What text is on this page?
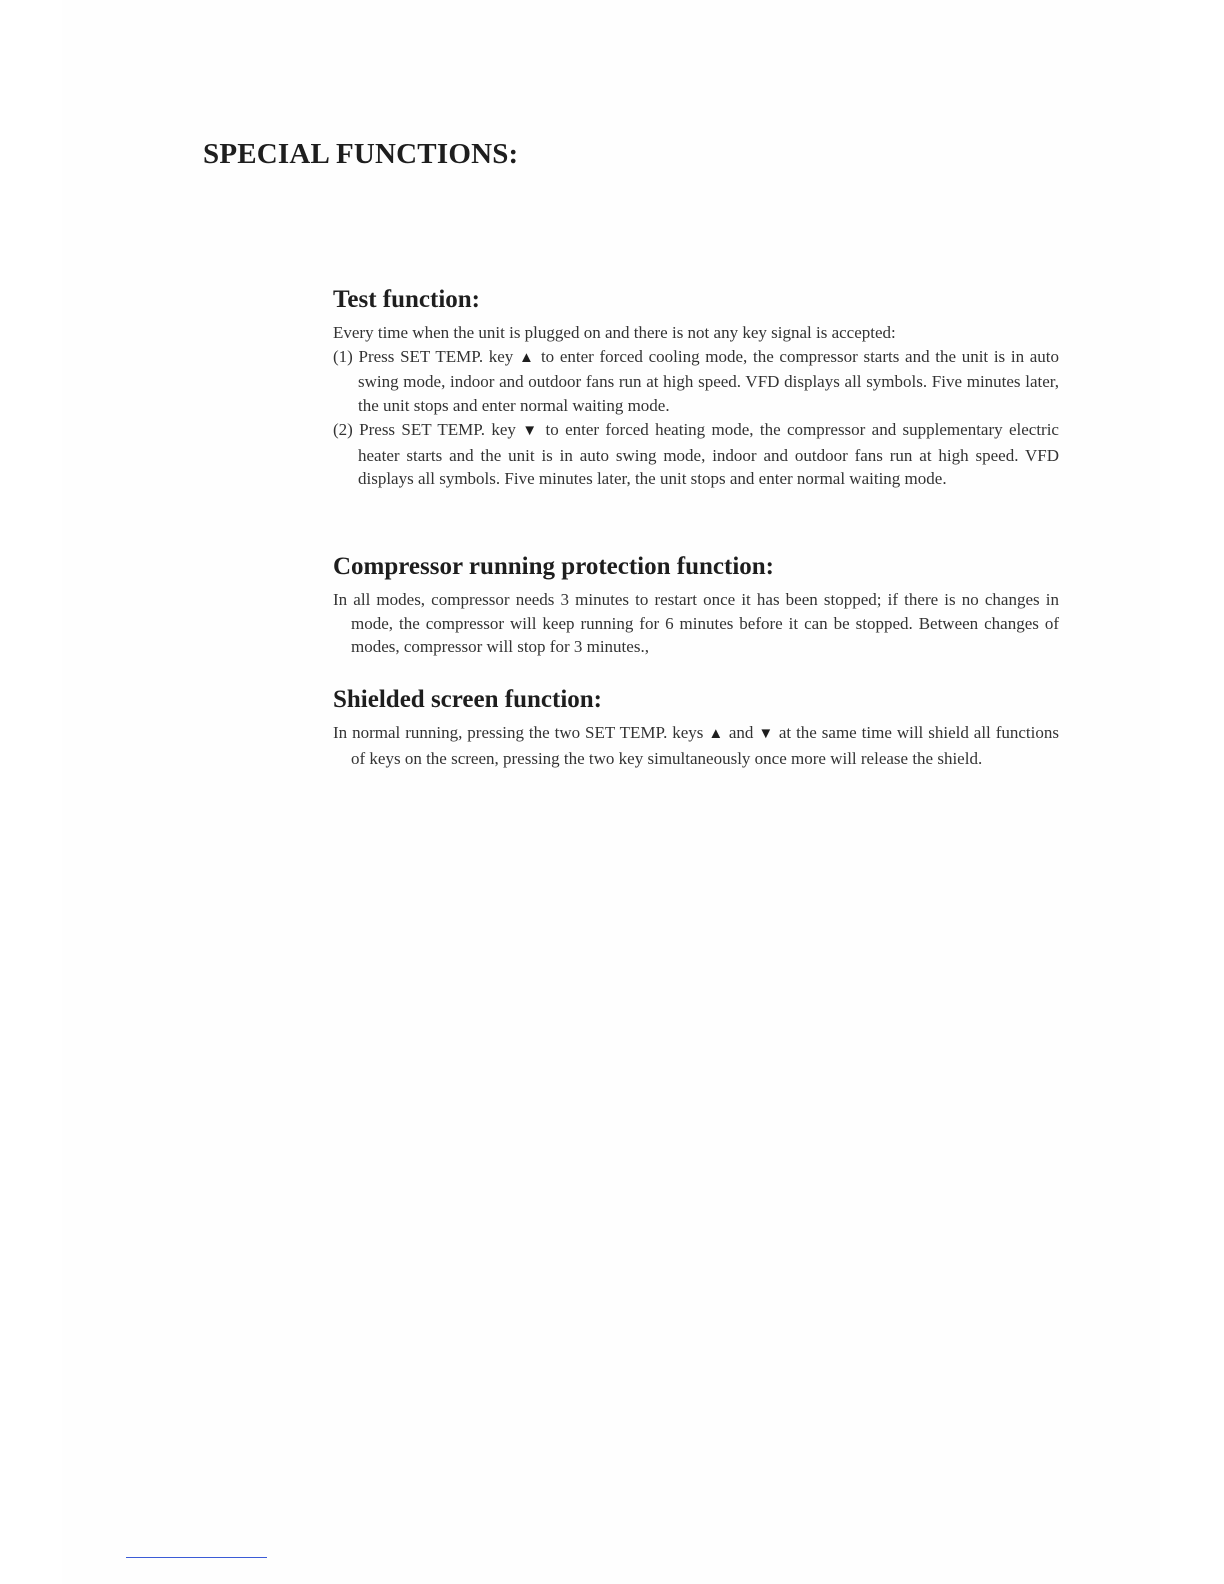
SPECIAL FUNCTIONS:
Test function:

Every time when the unit is plugged on and there is not any key signal is accepted:

(1) Press SET TEMP. key ▲ to enter forced cooling mode, the compressor starts and the unit is in auto swing mode, indoor and outdoor fans run at high speed. VFD displays all symbols. Five minutes later, the unit stops and enter normal waiting mode.

(2) Press SET TEMP. key ▼ to enter forced heating mode, the compressor and supplementary electric heater starts and the unit is in auto swing mode, indoor and outdoor fans run at high speed. VFD displays all symbols. Five minutes later, the unit stops and enter normal waiting mode.

Compressor running protection function:

In all modes, compressor needs 3 minutes to restart once it has been stopped; if there is no changes in mode, the compressor will keep running for 6 minutes before it can be stopped. Between changes of modes, compressor will stop for 3 minutes.,

Shielded screen function:

In normal running, pressing the two SET TEMP. keys ▲ and ▼ at the same time will shield all functions of keys on the screen, pressing the two key simultaneously once more will release the shield.
